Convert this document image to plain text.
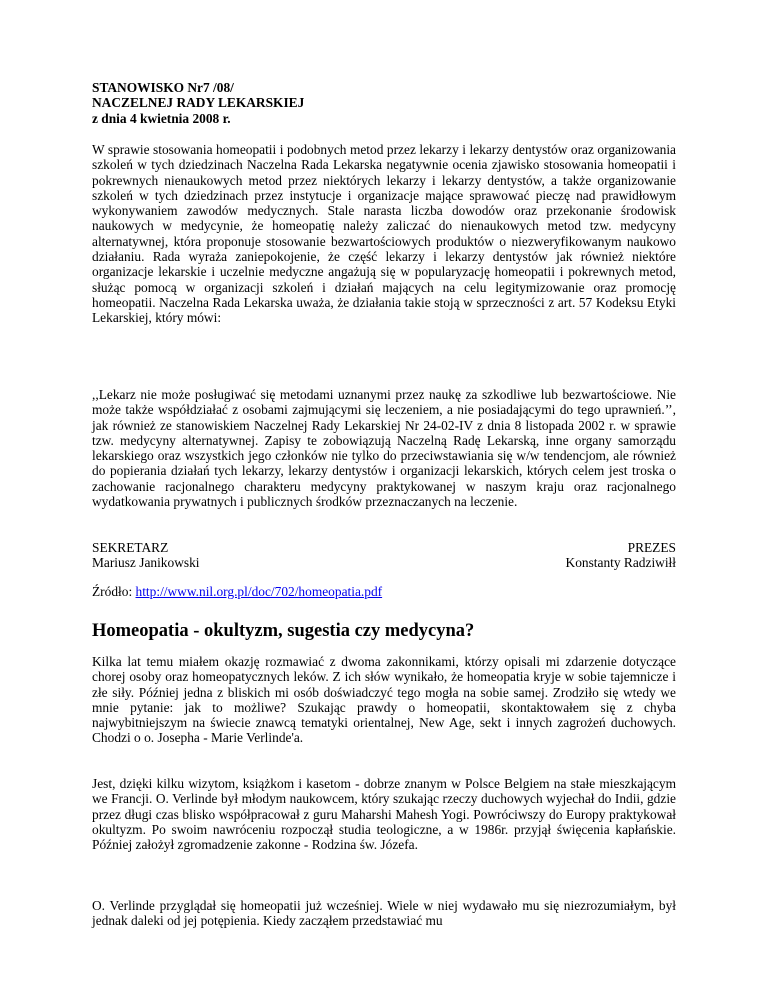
STANOWISKO Nr7 /08/
NACZELNEJ RADY LEKARSKIEJ
z dnia 4 kwietnia 2008 r.

W sprawie stosowania homeopatii i podobnych metod przez lekarzy i lekarzy dentystów oraz organizowania szkoleń w tych dziedzinach Naczelna Rada Lekarska negatywnie ocenia zjawisko stosowania homeopatii i pokrewnych nienaukowych metod przez niektórych lekarzy i lekarzy dentystów, a także organizowanie szkoleń w tych dziedzinach przez instytucje i organizacje mające sprawować pieczę nad prawidłowym wykonywaniem zawodów medycznych. Stale narasta liczba dowodów oraz przekonanie środowisk naukowych w medycynie, że homeopatię należy zaliczać do nienaukowych metod tzw. medycyny alternatywnej, która proponuje stosowanie bezwartościowych produktów o niezweryfikowanym naukowo działaniu. Rada wyraża zaniepokojenie, że część lekarzy i lekarzy dentystów jak również niektóre organizacje lekarskie i uczelnie medyczne angażują się w popularyzację homeopatii i pokrewnych metod, służąc pomocą w organizacji szkoleń i działań mających na celu legitymizowanie oraz promocję homeopatii. Naczelna Rada Lekarska uważa, że działania takie stoją w sprzeczności z art. 57 Kodeksu Etyki Lekarskiej, który mówi:

,,Lekarz nie może posługiwać się metodami uznanymi przez naukę za szkodliwe lub bezwartościowe. Nie może także współdziałać z osobami zajmującymi się leczeniem, a nie posiadającymi do tego uprawnień.’’, jak również ze stanowiskiem Naczelnej Rady Lekarskiej Nr 24-02-IV z dnia 8 listopada 2002 r. w sprawie tzw. medycyny alternatywnej. Zapisy te zobowiązują Naczelną Radę Lekarską, inne organy samorządu lekarskiego oraz wszystkich jego członków nie tylko do przeciwstawiania się w/w tendencjom, ale również do popierania działań tych lekarzy, lekarzy dentystów i organizacji lekarskich, których celem jest troska o zachowanie racjonalnego charakteru medycyny praktykowanej w naszym kraju oraz racjonalnego wydatkowania prywatnych i publicznych środków przeznaczanych na leczenie.

SEKRETARZ
Mariusz Janikowski
PREZES
Konstanty Radziwiłł
Źródło: http://www.nil.org.pl/doc/702/homeopatia.pdf
Homeopatia - okultyzm, sugestia czy medycyna?

Kilka lat temu miałem okazję rozmawiać z dwoma zakonnikami, którzy opisali mi zdarzenie dotyczące chorej osoby oraz homeopatycznych leków. Z ich słów wynikało, że homeopatia kryje w sobie tajemnicze i złe siły. Później jedna z bliskich mi osób doświadczyć tego mogła na sobie samej. Zrodziło się wtedy we mnie pytanie: jak to możliwe? Szukając prawdy o homeopatii, skontaktowałem się z chyba najwybitniejszym na świecie znawcą tematyki orientalnej, New Age, sekt i innych zagrożeń duchowych. Chodzi o o. Josepha - Marie Verlinde'a.

Jest, dzięki kilku wizytom, książkom i kasetom - dobrze znanym w Polsce Belgiem na stałe mieszkającym we Francji. O. Verlinde był młodym naukowcem, który szukając rzeczy duchowych wyjechał do Indii, gdzie przez długi czas blisko współpracował z guru Maharshi Mahesh Yogi. Powróciwszy do Europy praktykował okultyzm. Po swoim nawróceniu rozpoczął studia teologiczne, a w 1986r. przyjął święcenia kapłańskie. Później założył zgromadzenie zakonne - Rodzina św. Józefa.

O. Verlinde przyglądał się homeopatii już wcześniej. Wiele w niej wydawało mu się niezrozumiałym, był jednak daleki od jej potępienia. Kiedy zacząłem przedstawiać mu
